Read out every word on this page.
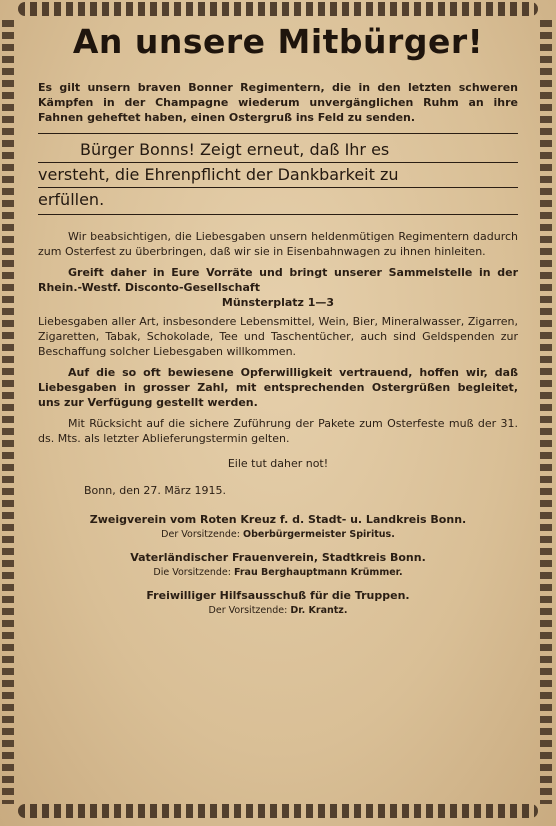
An unsere Mitbürger!

Es gilt unsern braven Bonner Regimentern, die in den letzten schweren Kämpfen in der Champagne wiederum unvergänglichen Ruhm an ihre Fahnen geheftet haben, einen Ostergruß ins Feld zu senden.

Bürger Bonns! Zeigt erneut, daß Ihr es
versteht, die Ehrenpflicht der Dankbarkeit zu
erfüllen.

Wir beabsichtigen, die Liebesgaben unsern heldenmütigen Regimentern dadurch zum Osterfest zu überbringen, daß wir sie in Eisenbahnwagen zu ihnen hinleiten.

Greift daher in Eure Vorräte und bringt unserer Sammelstelle in der Rhein.-Westf. Disconto-Gesellschaft

Münsterplatz 1—3

Liebesgaben aller Art, insbesondere Lebensmittel, Wein, Bier, Mineralwasser, Zigarren, Zigaretten, Tabak, Schokolade, Tee und Taschentücher, auch sind Geldspenden zur Beschaffung solcher Liebesgaben willkommen.

Auf die so oft bewiesene Opferwilligkeit vertrauend, hoffen wir, daß Liebesgaben in grosser Zahl, mit entsprechenden Ostergrüßen begleitet, uns zur Verfügung gestellt werden.

Mit Rücksicht auf die sichere Zuführung der Pakete zum Osterfeste muß der 31. ds. Mts. als letzter Ablieferungstermin gelten.

Eile tut daher not!

Bonn, den 27. März 1915.

Zweigverein vom Roten Kreuz f. d. Stadt- u. Landkreis Bonn.

Der Vorsitzende: Oberbürgermeister Spiritus.

Vaterländischer Frauenverein, Stadtkreis Bonn.

Die Vorsitzende: Frau Berghauptmann Krümmer.

Freiwilliger Hilfsausschuß für die Truppen.

Der Vorsitzende: Dr. Krantz.
